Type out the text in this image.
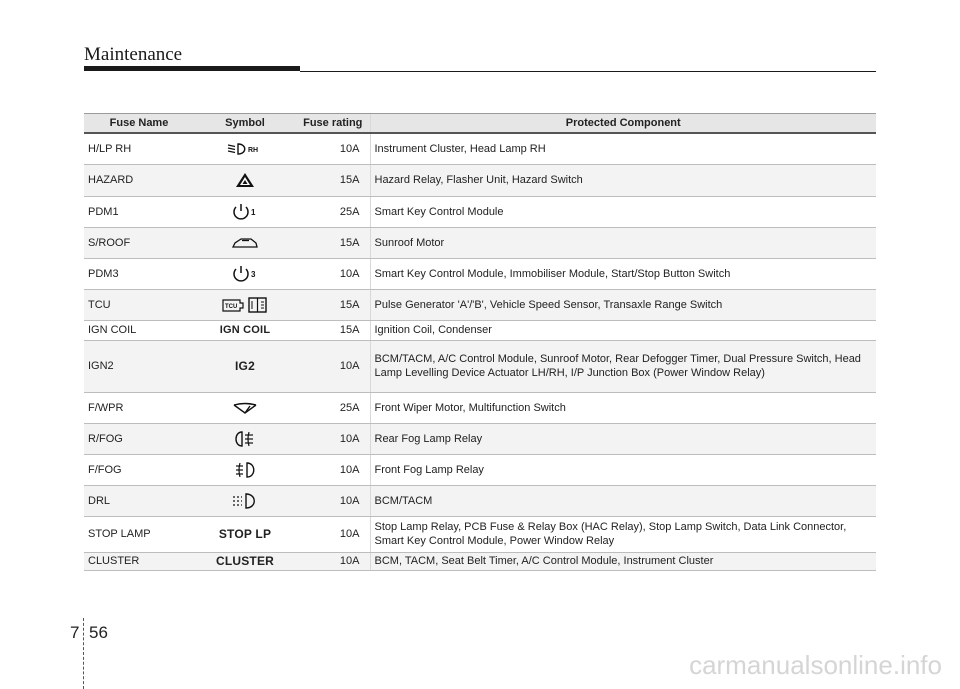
Maintenance
Fuse Name	Symbol	Fuse rating	Protected Component
H/LP RH	RH	10A	Instrument Cluster, Head Lamp RH
HAZARD		15A	Hazard Relay, Flasher Unit, Hazard Switch
PDM1	1	25A	Smart Key Control Module
S/ROOF		15A	Sunroof Motor
PDM3	3	10A	Smart Key Control Module, Immobiliser Module, Start/Stop Button Switch
TCU	TCU	15A	Pulse Generator 'A'/'B', Vehicle Speed Sensor, Transaxle Range Switch
IGN COIL	IGN COIL	15A	Ignition Coil, Condenser
IGN2	IG2	10A	BCM/TACM, A/C Control Module, Sunroof Motor, Rear Defogger Timer, Dual Pressure Switch, Head Lamp Levelling Device Actuator LH/RH, I/P Junction Box (Power Window Relay)
F/WPR		25A	Front Wiper Motor, Multifunction Switch
R/FOG		10A	Rear Fog Lamp Relay
F/FOG		10A	Front Fog Lamp Relay
DRL		10A	BCM/TACM
STOP LAMP	STOP LP	10A	Stop Lamp Relay, PCB Fuse & Relay Box (HAC Relay), Stop Lamp Switch, Data Link Connector, Smart Key Control Module, Power Window Relay
CLUSTER	CLUSTER	10A	BCM, TACM, Seat Belt Timer, A/C Control Module, Instrument Cluster
7 56
carmanualsonline.info
